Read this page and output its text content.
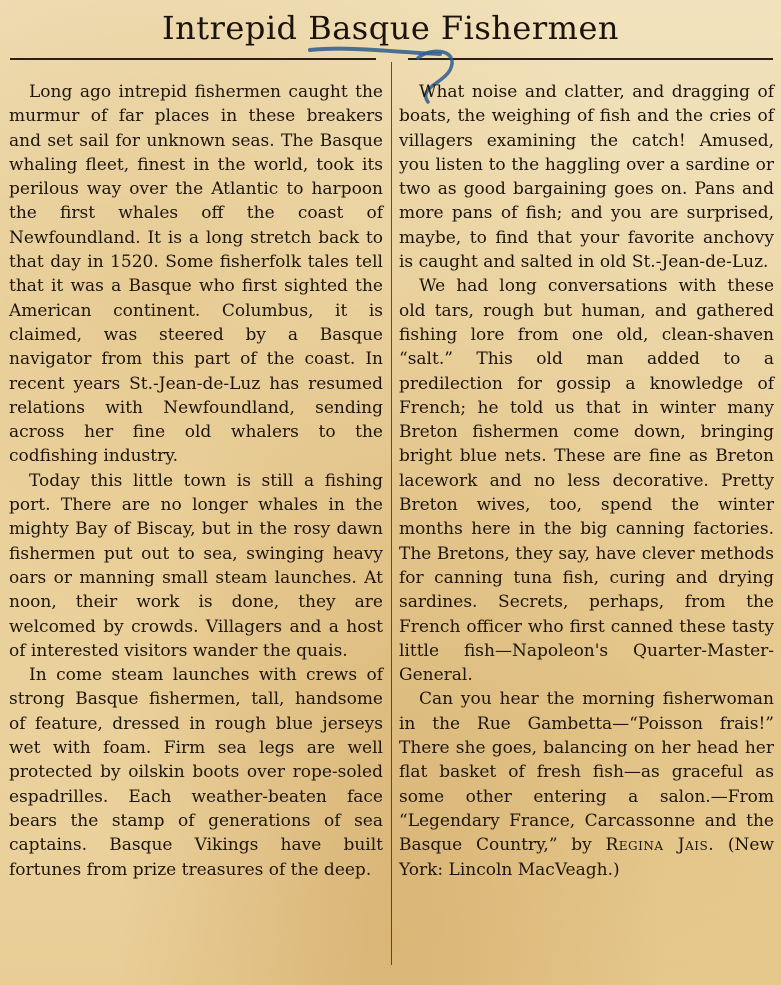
Intrepid Basque Fishermen

Long ago intrepid fishermen caught the murmur of far places in these breakers and set sail for unknown seas. The Basque whaling fleet, finest in the world, took its perilous way over the Atlantic to harpoon the first whales off the coast of Newfoundland. It is a long stretch back to that day in 1520. Some fisherfolk tales tell that it was a Basque who first sighted the American continent. Columbus, it is claimed, was steered by a Basque navigator from this part of the coast. In recent years St.-Jean-de-Luz has resumed relations with Newfoundland, sending across her fine old whalers to the codfishing industry.

Today this little town is still a fishing port. There are no longer whales in the mighty Bay of Biscay, but in the rosy dawn fishermen put out to sea, swinging heavy oars or manning small steam launches. At noon, their work is done, they are welcomed by crowds. Villagers and a host of interested visitors wander the quais.

In come steam launches with crews of strong Basque fishermen, tall, handsome of feature, dressed in rough blue jerseys wet with foam. Firm sea legs are well protected by oilskin boots over rope-soled espadrilles. Each weather-beaten face bears the stamp of generations of sea captains. Basque Vikings have built fortunes from prize treasures of the deep.

What noise and clatter, and dragging of boats, the weighing of fish and the cries of villagers examining the catch! Amused, you listen to the haggling over a sardine or two as good bargaining goes on. Pans and more pans of fish; and you are surprised, maybe, to find that your favorite anchovy is caught and salted in old St.-Jean-de-Luz.

We had long conversations with these old tars, rough but human, and gathered fishing lore from one old, clean-shaven “salt.” This old man added to a predilection for gossip a knowledge of French; he told us that in winter many Breton fishermen come down, bringing bright blue nets. These are fine as Breton lacework and no less decorative. Pretty Breton wives, too, spend the winter months here in the big canning factories. The Bretons, they say, have clever methods for canning tuna fish, curing and drying sardines. Secrets, perhaps, from the French officer who first canned these tasty little fish—Napoleon's Quarter-Master-General.

Can you hear the morning fisherwoman in the Rue Gambetta—“Poisson frais!” There she goes, balancing on her head her flat basket of fresh fish—as graceful as some other entering a salon.—From “Legendary France, Carcassonne and the Basque Country,” by Regina Jais. (New York: Lincoln MacVeagh.)
